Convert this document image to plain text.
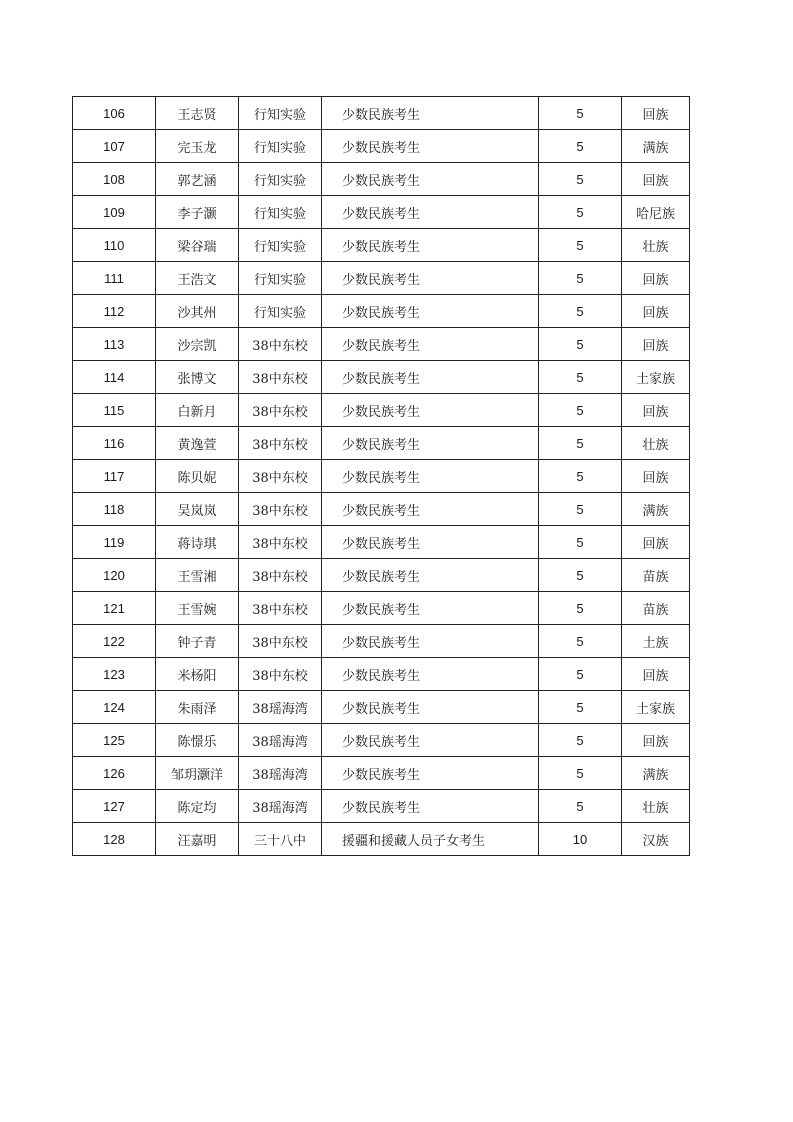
106	王志贤	行知实验	少数民族考生	5	回族
107	完玉龙	行知实验	少数民族考生	5	满族
108	郭艺涵	行知实验	少数民族考生	5	回族
109	李子灏	行知实验	少数民族考生	5	哈尼族
110	梁谷瑞	行知实验	少数民族考生	5	壮族
111	王浩文	行知实验	少数民族考生	5	回族
112	沙其州	行知实验	少数民族考生	5	回族
113	沙宗凯	38中东校	少数民族考生	5	回族
114	张博文	38中东校	少数民族考生	5	土家族
115	白新月	38中东校	少数民族考生	5	回族
116	黄逸萱	38中东校	少数民族考生	5	壮族
117	陈贝妮	38中东校	少数民族考生	5	回族
118	吴岚岚	38中东校	少数民族考生	5	满族
119	蒋诗琪	38中东校	少数民族考生	5	回族
120	王雪湘	38中东校	少数民族考生	5	苗族
121	王雪婉	38中东校	少数民族考生	5	苗族
122	钟子青	38中东校	少数民族考生	5	土族
123	米杨阳	38中东校	少数民族考生	5	回族
124	朱雨泽	38瑶海湾	少数民族考生	5	土家族
125	陈憬乐	38瑶海湾	少数民族考生	5	回族
126	邹玥灏洋	38瑶海湾	少数民族考生	5	满族
127	陈定均	38瑶海湾	少数民族考生	5	壮族
128	汪嘉明	三十八中	援疆和援藏人员子女考生	10	汉族
